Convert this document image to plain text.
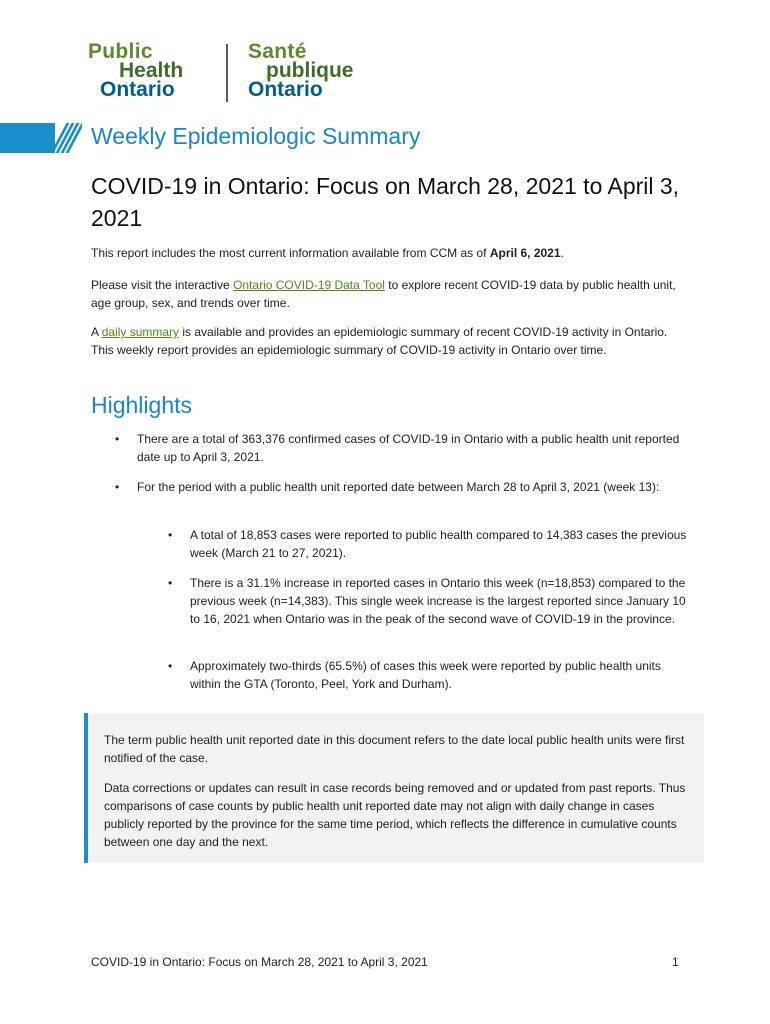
Public
Health
Ontario
Santé
publique
Ontario
Weekly Epidemiologic Summary
COVID-19 in Ontario: Focus on March 28, 2021 to April 3, 2021

This report includes the most current information available from CCM as of April 6, 2021.

Please visit the interactive Ontario COVID-19 Data Tool to explore recent COVID-19 data by public health unit, age group, sex, and trends over time.

A daily summary is available and provides an epidemiologic summary of recent COVID-19 activity in Ontario. This weekly report provides an epidemiologic summary of COVID-19 activity in Ontario over time.

Highlights
• There are a total of 363,376 confirmed cases of COVID-19 in Ontario with a public health unit reported date up to April 3, 2021.
• For the period with a public health unit reported date between March 28 to April 3, 2021 (week 13):
• A total of 18,853 cases were reported to public health compared to 14,383 cases the previous week (March 21 to 27, 2021).
• There is a 31.1% increase in reported cases in Ontario this week (n=18,853) compared to the previous week (n=14,383). This single week increase is the largest reported since January 10 to 16, 2021 when Ontario was in the peak of the second wave of COVID-19 in the province.
• Approximately two-thirds (65.5%) of cases this week were reported by public health units within the GTA (Toronto, Peel, York and Durham).

The term public health unit reported date in this document refers to the date local public health units were first notified of the case.

Data corrections or updates can result in case records being removed and or updated from past reports. Thus comparisons of case counts by public health unit reported date may not align with daily change in cases publicly reported by the province for the same time period, which reflects the difference in cumulative counts between one day and the next.

COVID-19 in Ontario: Focus on March 28, 2021 to April 3, 2021	1
